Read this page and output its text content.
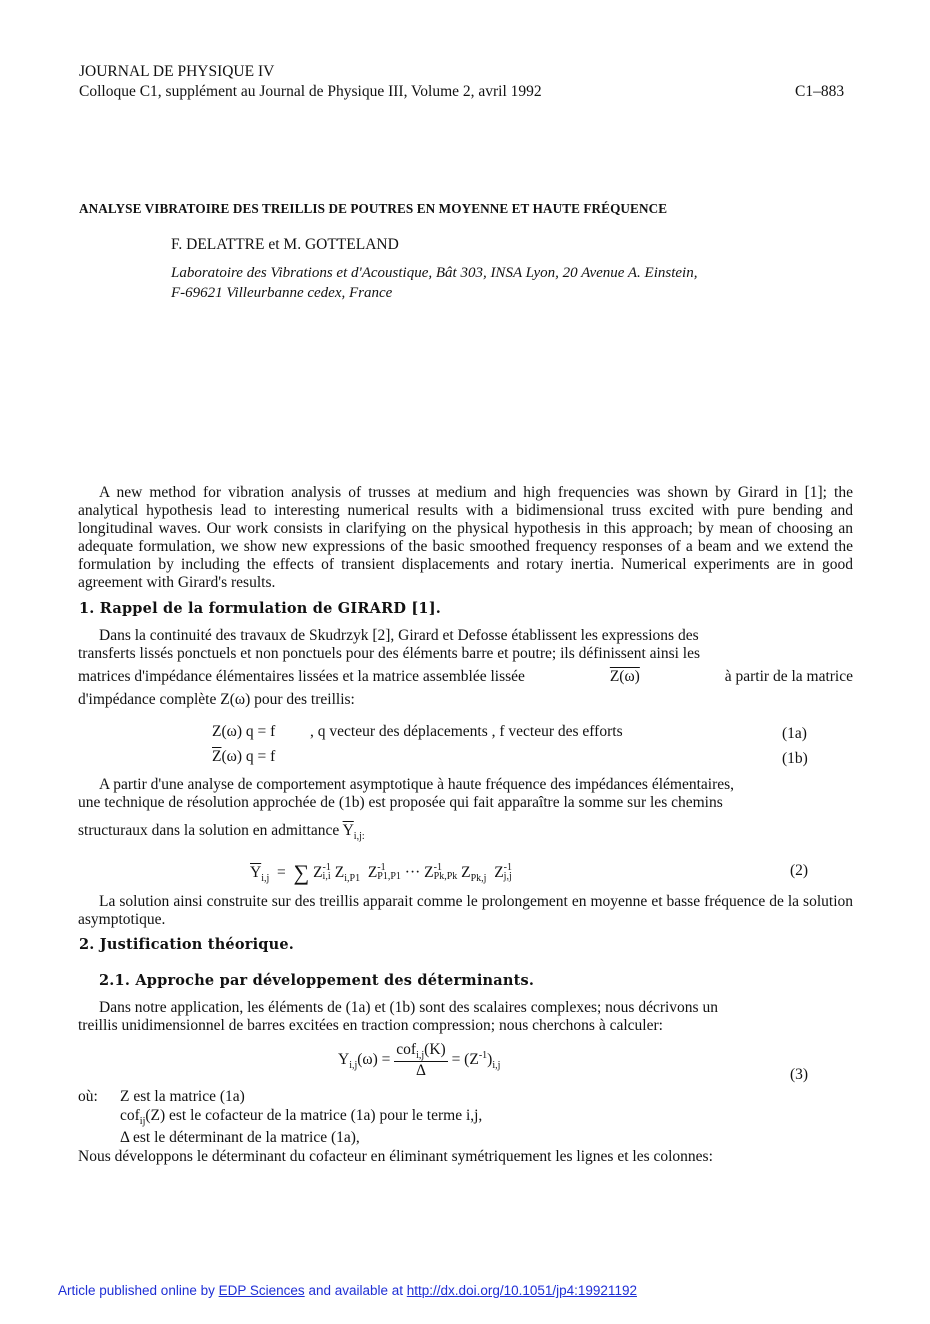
JOURNAL DE PHYSIQUE IV
Colloque C1, supplément au Journal de Physique III, Volume 2, avril 1992	C1–883
ANALYSE VIBRATOIRE DES TREILLIS DE POUTRES EN MOYENNE ET HAUTE FRÉQUENCE
F. DELATTRE et M. GOTTELAND
Laboratoire des Vibrations et d'Acoustique, Bât 303, INSA Lyon, 20 Avenue A. Einstein,
F-69621 Villeurbanne cedex, France

A new method for vibration analysis of trusses at medium and high frequencies was shown by Girard in [1]; the analytical hypothesis lead to interesting numerical results with a bidimensional truss excited with pure bending and longitudinal waves. Our work consists in clarifying on the physical hypothesis in this approach; by mean of choosing an adequate formulation, we show new expressions of the basic smoothed frequency responses of a beam and we extend the formulation by including the effects of transient displacements and rotary inertia. Numerical experiments are in good agreement with Girard's results.

1. Rappel de la formulation de GIRARD [1].
Dans la continuité des travaux de Skudrzyk [2], Girard et Defosse établissent les expressions des
transferts lissés ponctuels et non ponctuels pour des éléments barre et poutre; ils définissent ainsi les
matrices d'impédance élémentaires lissées et la matrice assemblée lissée	Z(ω)	à partir de la matrice
d'impédance complète Z(ω) pour des treillis:
Z(ω) q = f , q vecteur des déplacements , f vecteur des efforts	(1a)
$\overline{Z}(\omega) q = f$	(1b)
A partir d'une analyse de comportement asymptotique à haute fréquence des impédances élémentaires,
une technique de résolution approchée de (1b) est proposée qui fait apparaître la somme sur les chemins
structuraux dans la solution en admittance $\overline{Y}_{i,j:}$
$\overline{Y}_{i,j}$ = ∑ Z -1
i,i $Z_{i,P1}$ Z -1
P1,P1 ··· Z -1
Pk,Pk $Z_{Pk,j}$ Z -1
j,j	(2)
La solution ainsi construite sur des treillis apparait comme le prolongement en moyenne et basse fréquence de la solution asymptotique.
2. Justification théorique.
2.1. Approche par développement des déterminants.
Dans notre application, les éléments de (1a) et (1b) sont des scalaires complexes; nous décrivons un
treillis unidimensionnel de barres excitées en traction compression; nous cherchons à calculer:
$Y_{i,j}(\omega) = \frac{cof_{i,j}(K)}{\Delta} = (Z^{-1})_{i,j}$
(3)
où: Z est la matrice (1a)
cof$_{ij}$(Z) est le cofacteur de la matrice (1a) pour le terme i,j,
Δ est le déterminant de la matrice (1a),
Nous développons le déterminant du cofacteur en éliminant symétriquement les lignes et les colonnes:
Article published online by EDP Sciences and available at http://dx.doi.org/10.1051/jp4:19921192
